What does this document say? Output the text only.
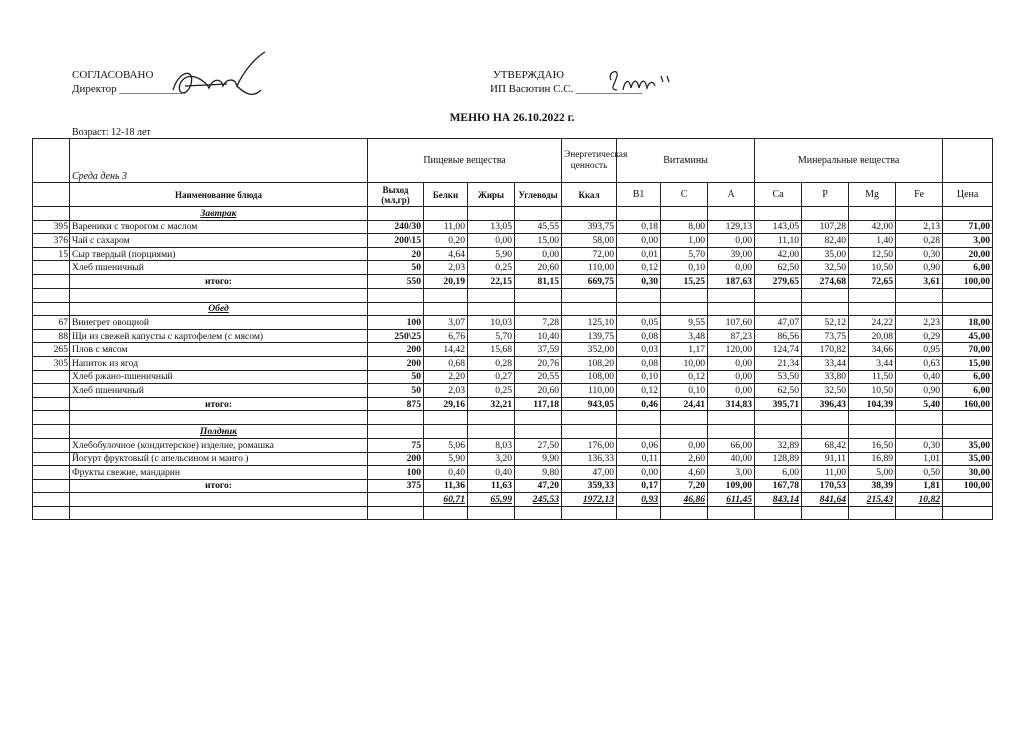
СОГЛАСОВАНО
Директор ____________
УТВЕРЖДАЮ
ИП Васютин С.С. ____________
МЕНЮ НА 26.10.2022 г.
Возраст: 12-18 лет
	Среда день 3	Пищевые вещества				Энергетическая ценность	Витамины			Минеральные вещества				
	Наименование блюда	Выход (мл,гр)	Белки	Жиры	Углеводы	Ккал	B1	C	A	Ca	P	Mg	Fe	Цена
	Завтрак													
395	Вареники с творогом с маслом	240/30	11,00	13,05	45,55	393,75	0,18	8,00	129,13	143,05	107,28	42,00	2,13	71,00
376	Чай с сахаром	200\15	0,20	0,00	15,00	58,00	0,00	1,00	0,00	11,10	82,40	1,40	0,28	3,00
15	Сыр твердый (порциями)	20	4,64	5,90	0,00	72,00	0,01	5,70	39,00	42,00	35,00	12,50	0,30	20,00
	Хлеб пшеничный	50	2,03	0,25	20,60	110,00	0,12	0,10	0,00	62,50	32,50	10,50	0,90	6,00
	итого:	550	20,19	22,15	81,15	669,75	0,30	15,25	187,63	279,65	274,68	72,65	3,61	100,00

	Обед													
67	Винегрет овощной	100	3,07	10,03	7,28	125,10	0,05	9,55	107,60	47,07	52,12	24,22	2,23	18,00
88	Щи из свежей капусты с картофелем (с мясом)	250\25	6,76	5,70	10,40	139,75	0,08	3,48	87,23	86,56	73,75	20,08	0,29	45,00
265	Плов с мясом	200	14,42	15,68	37,59	352,00	0,03	1,17	120,00	124,74	170,82	34,66	0,95	70,00
305	Напиток из ягод	200	0,68	0,28	20,76	108,20	0,08	10,00	0,00	21,34	33,44	3,44	0,63	15,00
	Хлеб ржано-пшеничный	50	2,20	0,27	20,55	108,00	0,10	0,12	0,00	53,50	33,80	11,50	0,40	6,00
	Хлеб пшеничный	50	2,03	0,25	20,60	110,00	0,12	0,10	0,00	62,50	32,50	10,50	0,90	6,00
	итого:	875	29,16	32,21	117,18	943,05	0,46	24,41	314,83	395,71	396,43	104,39	5,40	160,00

	Полдник													
	Хлебобулочное (кондитерское) изделие, ромашка	75	5,06	8,03	27,50	176,00	0,06	0,00	66,00	32,89	68,42	16,50	0,30	35,00
	Йогурт фруктовый (с апельсином и манго )	200	5,90	3,20	9,90	136,33	0,11	2,60	40,00	128,89	91,11	16,89	1,01	35,00
	Фрукты свежие, мандарин	100	0,40	0,40	9,80	47,00	0,00	4,60	3,00	6,00	11,00	5,00	0,50	30,00
	итого:	375	11,36	11,63	47,20	359,33	0,17	7,20	109,00	167,78	170,53	38,39	1,81	100,00
			60,71	65,99	245,53	1972,13	0,93	46,86	611,45	843,14	841,64	215,43	10,82	
